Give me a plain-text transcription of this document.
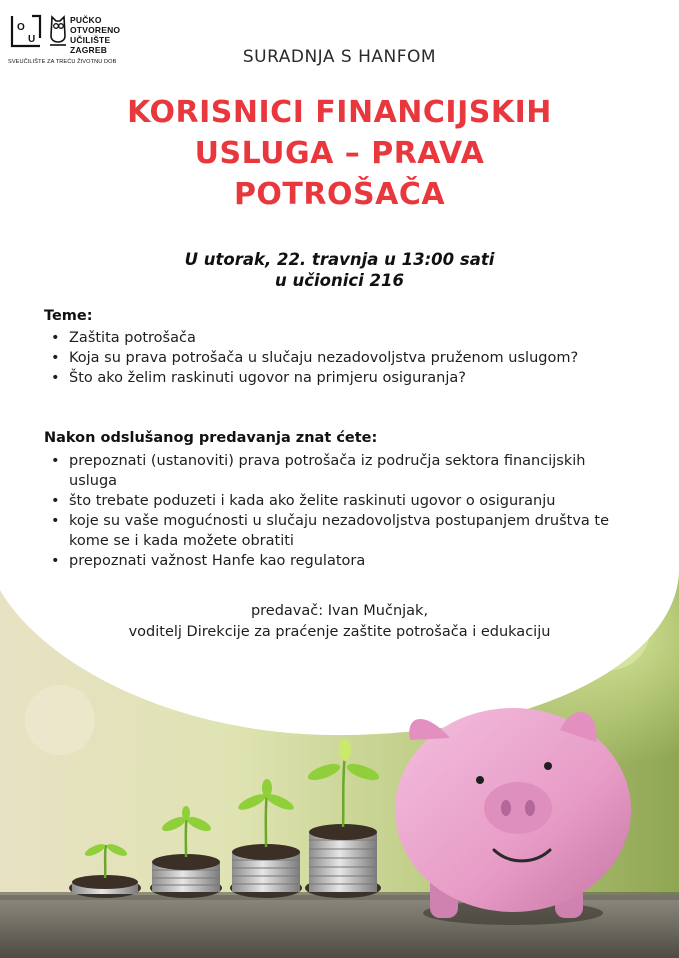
O
U
PUČKO
OTVORENO
UČILIŠTE
ZAGREB
SVEUČILIŠTE ZA TREĆU ŽIVOTNU DOB	SURADNJA S HANFOM
KORISNICI FINANCIJSKIH
USLUGA – PRAVA
POTROŠAČA
U utorak, 22. travnja u 13:00 sati
u učionici 216
Teme:
• Zaštita potrošača
• Koja su prava potrošača u slučaju nezadovoljstva pruženom uslugom?
• Što ako želim raskinuti ugovor na primjeru osiguranja?
Nakon odslušanog predavanja znat ćete:
• prepoznati (ustanoviti) prava potrošača iz područja sektora financijskih usluga
• što trebate poduzeti i kada ako želite raskinuti ugovor o osiguranju
• koje su vaše mogućnosti u slučaju nezadovoljstva postupanjem društva te kome se i kada možete obratiti
• prepoznati važnost Hanfe kao regulatora
predavač: Ivan Mučnjak,
voditelj Direkcije za praćenje zaštite potrošača i edukaciju
